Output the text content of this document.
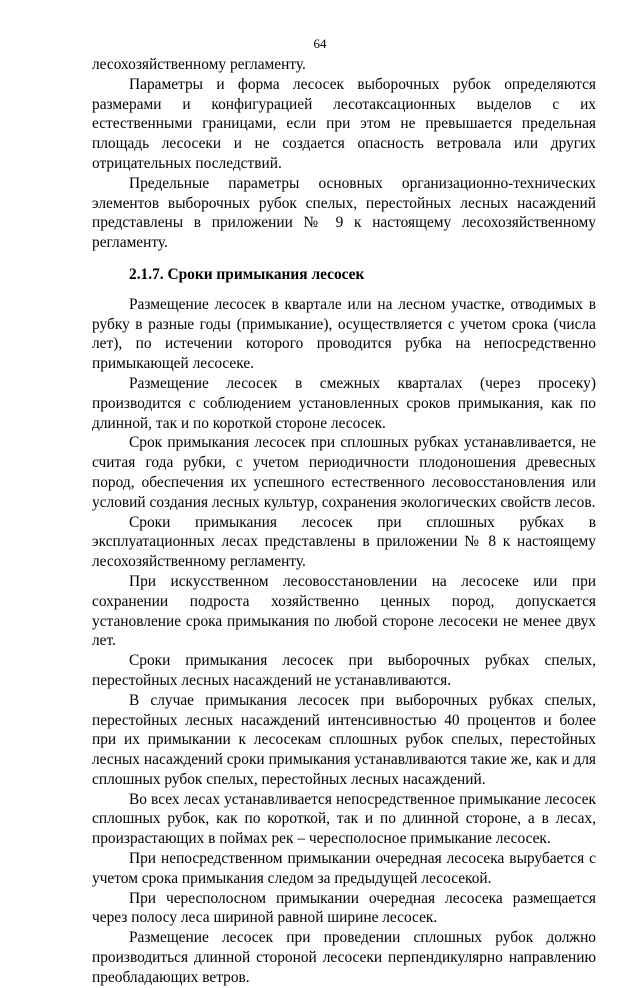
64

лесохозяйственному регламенту.

Параметры и форма лесосек выборочных рубок определяются размерами и конфигурацией лесотаксационных выделов с их естественными границами, если при этом не превышается предельная площадь лесосеки и не создается опасность ветровала или других отрицательных последствий.

Предельные параметры основных организационно-технических элементов выборочных рубок спелых, перестойных лесных насаждений представлены в приложении № 9 к настоящему лесохозяйственному регламенту.

2.1.7. Сроки примыкания лесосек

Размещение лесосек в квартале или на лесном участке, отводимых в рубку в разные годы (примыкание), осуществляется с учетом срока (числа лет), по истечении которого проводится рубка на непосредственно примыкающей лесосеке.

Размещение лесосек в смежных кварталах (через просеку) производится с соблюдением установленных сроков примыкания, как по длинной, так и по короткой стороне лесосек.

Срок примыкания лесосек при сплошных рубках устанавливается, не считая года рубки, с учетом периодичности плодоношения древесных пород, обеспечения их успешного естественного лесовосстановления или условий создания лесных культур, сохранения экологических свойств лесов.

Сроки примыкания лесосек при сплошных рубках в эксплуатационных лесах представлены в приложении № 8 к настоящему лесохозяйственному регламенту.

При искусственном лесовосстановлении на лесосеке или при сохранении подроста хозяйственно ценных пород, допускается установление срока примыкания по любой стороне лесосеки не менее двух лет.

Сроки примыкания лесосек при выборочных рубках спелых, перестойных лесных насаждений не устанавливаются.

В случае примыкания лесосек при выборочных рубках спелых, перестойных лесных насаждений интенсивностью 40 процентов и более при их примыкании к лесосекам сплошных рубок спелых, перестойных лесных насаждений сроки примыкания устанавливаются такие же, как и для сплошных рубок спелых, перестойных лесных насаждений.

Во всех лесах устанавливается непосредственное примыкание лесосек сплошных рубок, как по короткой, так и по длинной стороне, а в лесах, произрастающих в поймах рек – чересполосное примыкание лесосек.

При непосредственном примыкании очередная лесосека вырубается с учетом срока примыкания следом за предыдущей лесосекой.

При чересполосном примыкании очередная лесосека размещается через полосу леса шириной равной ширине лесосек.

Размещение лесосек при проведении сплошных рубок должно производиться длинной стороной лесосеки перпендикулярно направлению преобладающих ветров.
